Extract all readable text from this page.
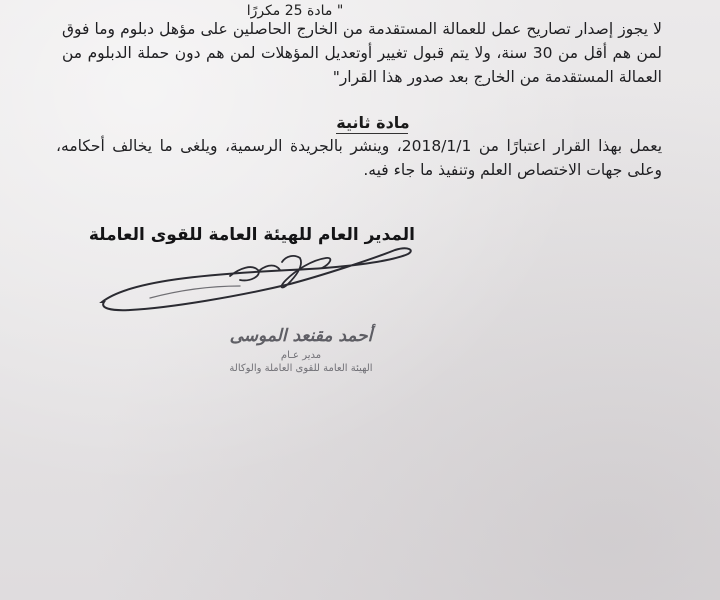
" مادة 25 مكررًا
لا يجوز إصدار تصاريح عمل للعمالة المستقدمة من الخارج الحاصلين على مؤهل دبلوم وما فوق لمن هم أقل من 30 سنة، ولا يتم قبول تغيير أوتعديل المؤهلات لمن هم دون حملة الدبلوم من العمالة المستقدمة من الخارج بعد صدور هذا القرار"
مادة ثانية
يعمل بهذا القرار اعتبارًا من 2018/1/1، وينشر بالجريدة الرسمية، ويلغى ما يخالف أحكامه، وعلى جهات الاختصاص العلم وتنفيذ ما جاء فيه.
المدير العام للهيئة العامة للقوى العاملة
أحمد مقنعد الموسى
مدير عـام
الهيئة العامة للقوى العاملة والوكالة
